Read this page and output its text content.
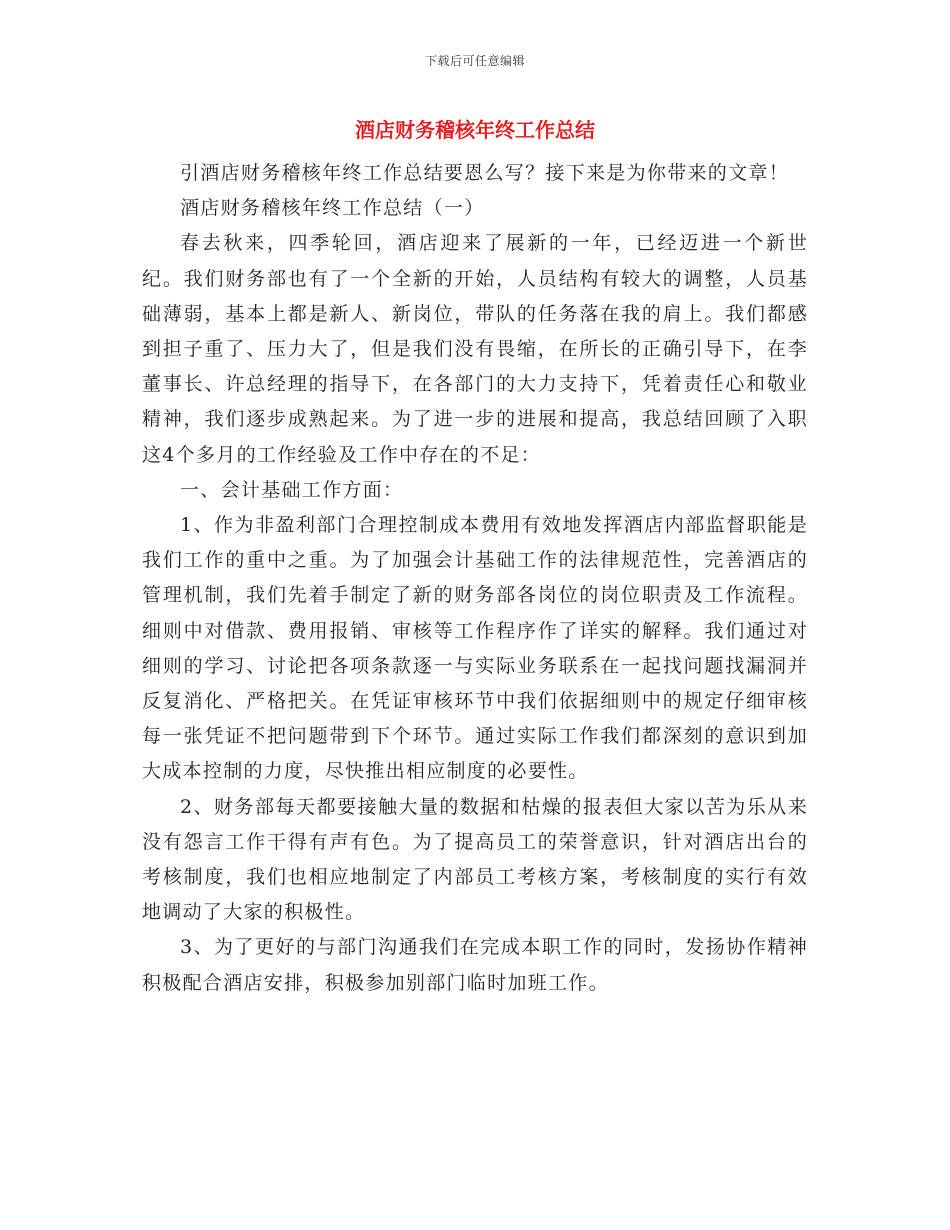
下载后可任意编辑
酒店财务稽核年终工作总结

引酒店财务稽核年终工作总结要恩么写？接下来是为你带来的文章！

酒店财务稽核年终工作总结（一）

春去秋来，四季轮回，酒店迎来了展新的一年，已经迈进一个新世纪。我们财务部也有了一个全新的开始，人员结构有较大的调整，人员基础薄弱，基本上都是新人、新岗位，带队的任务落在我的肩上。我们都感到担子重了、压力大了，但是我们没有畏缩，在所长的正确引导下，在李董事长、许总经理的指导下，在各部门的大力支持下，凭着责任心和敬业精神，我们逐步成熟起来。为了进一步的进展和提高，我总结回顾了入职这4个多月的工作经验及工作中存在的不足：

一、会计基础工作方面：

1、作为非盈利部门合理控制成本费用有效地发挥酒店内部监督职能是我们工作的重中之重。为了加强会计基础工作的法律规范性，完善酒店的管理机制，我们先着手制定了新的财务部各岗位的岗位职责及工作流程。细则中对借款、费用报销、审核等工作程序作了详实的解释。我们通过对细则的学习、讨论把各项条款逐一与实际业务联系在一起找问题找漏洞并反复消化、严格把关。在凭证审核环节中我们依据细则中的规定仔细审核每一张凭证不把问题带到下个环节。通过实际工作我们都深刻的意识到加大成本控制的力度，尽快推出相应制度的必要性。

2、财务部每天都要接触大量的数据和枯燥的报表但大家以苦为乐从来没有怨言工作干得有声有色。为了提高员工的荣誉意识，针对酒店出台的考核制度，我们也相应地制定了内部员工考核方案，考核制度的实行有效地调动了大家的积极性。

3、为了更好的与部门沟通我们在完成本职工作的同时，发扬协作精神积极配合酒店安排，积极参加别部门临时加班工作。
